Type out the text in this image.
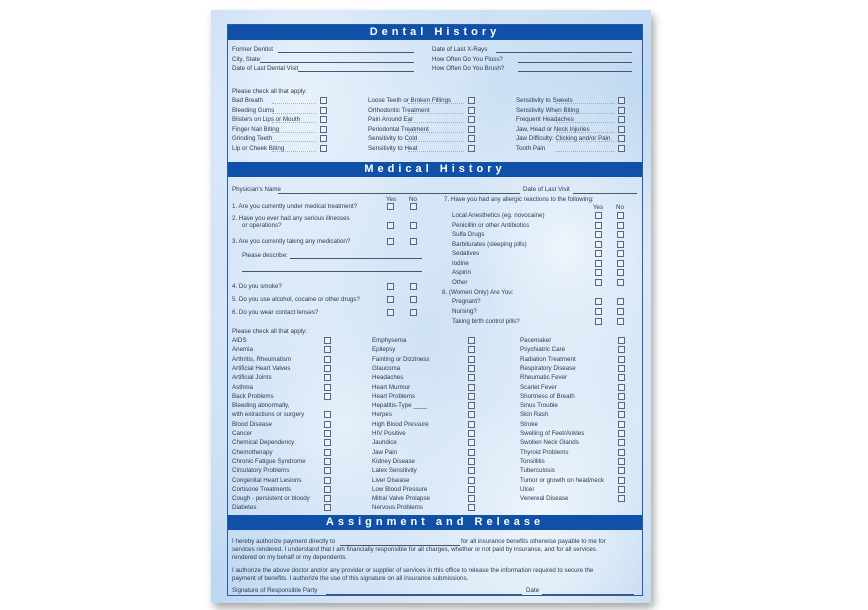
Dental History
Former Dentist	Date of Last X-Rays
City, State	How Often Do You Floss?
Date of Last Dental Visit	How Often Do You Brush?
Please check all that apply:
Bad Breath
Bleeding Gums
Blisters on Lips or Mouth
Finger Nail Biting
Grinding Teeth
Lip or Cheek Biting
Loose Teeth or Broken Fillings
Orthodontic Treatment
Pain Around Ear
Periodontal Treatment
Sensitivity to Cold
Sensitivity to Heat
Sensitivity to Sweets
Sensitivity When Biting
Frequent Headaches
Jaw, Head or Neck Injuries
Jaw Difficulty: Clicking and/or Pain
Tooth Pain
Medical History
Physician's Name	Date of Last Visit
Yes No
1. Are you currently under medical treatment?
2. Have you ever had any serious illnesses
or operations?
3. Are you currently taking any medication?
Please describe:
4. Do you smoke?
5. Do you use alcohol, cocaine or other drugs?
6. Do you wear contact lenses?
7. Have you had any allergic reactions to the following:
Yes No
Local Anesthetics (eg. novocaine)
Penicillin or other Antibiotics
Sulfa Drugs
Barbiturates (sleeping pills)
Sedatives
Iodine
Aspirin
Other
8. (Women Only) Are You:
Pregnant?
Nursing?
Taking birth control pills?
Please check all that apply:
AIDS
Anemia
Arthritis, Rheumatism
Artificial Heart Valves
Artificial Joints
Asthma
Back Problems
Bleeding abnormally,
with extractions or surgery
Blood Disease
Cancer
Chemical Dependency
Chemotherapy
Chronic Fatigue Syndrome
Circulatory Problems
Congenital Heart Lesions
Cortisone Treatments
Cough - persistent or bloody
Diabetes
Emphysema
Epilepsy
Fainting or Dizziness
Glaucoma
Headaches
Heart Murmur
Heart Problems
Hepatitis-Type ____
Herpes
High Blood Pressure
HIV Positive
Jaundice
Jaw Pain
Kidney Disease
Latex Sensitivity
Liver Disease
Low Blood Pressure
Mitral Valve Prolapse
Nervous Problems
Pacemaker
Psychiatric Care
Radiation Treatment
Respiratory Disease
Rheumatic Fever
Scarlet Fever
Shortness of Breath
Sinus Trouble
Skin Rash
Stroke
Swelling of Feet/Ankles
Swollen Neck Glands
Thyroid Problems
Tonsillitis
Tuberculosis
Tumor or growth on head/neck
Ulcer
Venereal Disease
Assignment and Release
I hereby authorize payment directly to	for all insurance benefits otherwise payable to me for
services rendered. I understand that I am financially responsible for all charges, whether or not paid by insurance, and for all services
rendered on my behalf or my dependents.
I authorize the above doctor and/or any provider or supplier of services in this office to release the information required to secure the
payment of benefits. I authorize the use of this signature on all insurance submissions.
Signature of Responsible Party	Date
